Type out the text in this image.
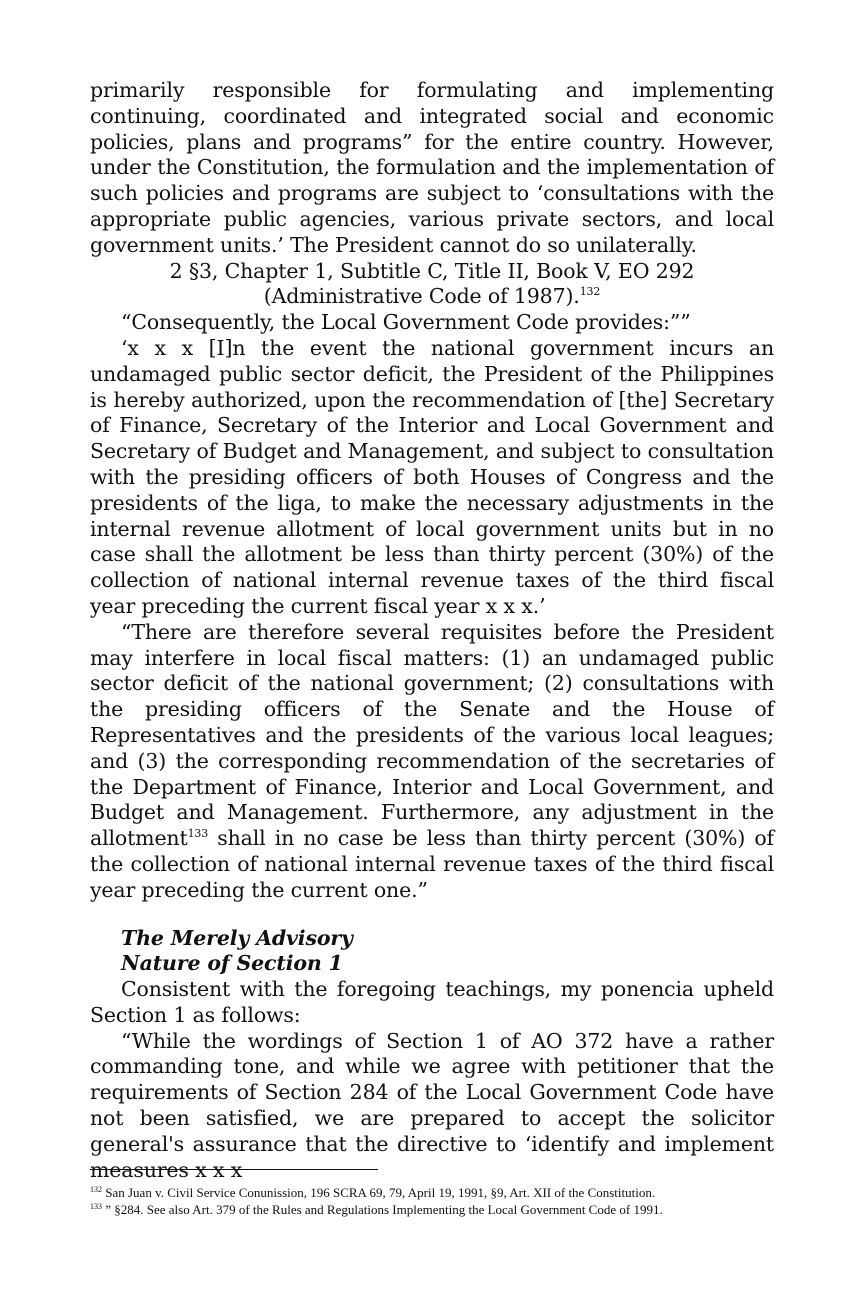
primarily responsible for formulating and implementing continuing, coordinated and integrated social and economic policies, plans and programs” for the entire country. However, under the Constitution, the formulation and the implementation of such policies and programs are subject to ‘consultations with the appropriate public agencies, various private sectors, and local government units.’ The President cannot do so unilaterally.

2 §3, Chapter 1, Subtitle C, Title II, Book V, EO 292 (Administrative Code of 1987).$^{132}$

“Consequently, the Local Government Code provides:””

‘x x x [I]n the event the national government incurs an undamaged public sector deficit, the President of the Philippines is hereby authorized, upon the recommendation of [the] Secretary of Finance, Secretary of the Interior and Local Government and Secretary of Budget and Management, and subject to consultation with the presiding officers of both Houses of Congress and the presidents of the liga, to make the necessary adjustments in the internal revenue allotment of local government units but in no case shall the allotment be less than thirty percent (30%) of the collection of national internal revenue taxes of the third fiscal year preceding the current fiscal year x x x.’

“There are therefore several requisites before the President may interfere in local fiscal matters: (1) an undamaged public sector deficit of the national government; (2) consultations with the presiding officers of the Senate and the House of Representatives and the presidents of the various local leagues; and (3) the corresponding recommendation of the secretaries of the Department of Finance, Interior and Local Government, and Budget and Management. Furthermore, any adjustment in the allotment$^{133}$ shall in no case be less than thirty percent (30%) of the collection of national internal revenue taxes of the third fiscal year preceding the current one.”

The Merely Advisory
Nature of Section 1

Consistent with the foregoing teachings, my ponencia upheld Section 1 as follows:

“While the wordings of Section 1 of AO 372 have a rather commanding tone, and while we agree with petitioner that the requirements of Section 284 of the Local Government Code have not been satisfied, we are prepared to accept the solicitor general's assurance that the directive to ‘identify and implement measures x x x

$^{132}$ San Juan v. Civil Service Conunission, 196 SCRA 69, 79, April 19, 1991, §9, Art. XII of the Constitution.

$^{133}$ ” §284. See also Art. 379 of the Rules and Regulations Implementing the Local Government Code of 1991.
